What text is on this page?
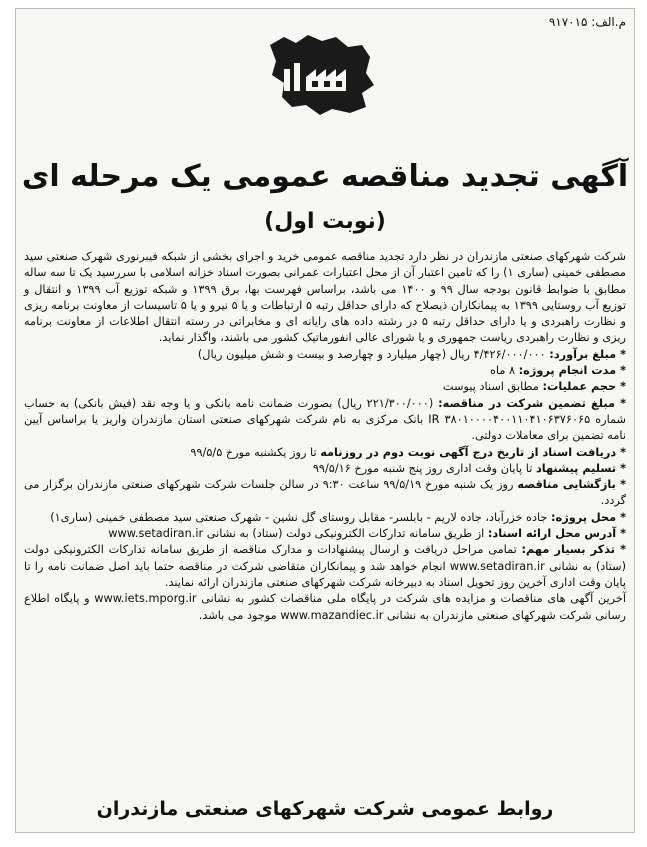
م.الف: ۹۱۷۰۱۵
آگهی تجدید مناقصه عمومی یک مرحله ای
(نوبت اول)

شرکت شهرکهای صنعتی مازندران در نظر دارد تجدید مناقصه عمومی خرید و اجرای بخشی از شبکه فیبرنوری شهرک صنعتی سید مصطفی خمینی (ساری ۱) را که تامین اعتبار آن از محل اعتبارات عمرانی بصورت اسناد خزانه اسلامی با سررسید یک تا سه ساله مطابق با ضوابط قانون بودجه سال ۹۹ و ۱۴۰۰ می باشد، براساس فهرست بها، برق ۱۳۹۹ و شبکه توزیع آب ۱۳۹۹ و انتقال و توزیع آب روستایی ۱۳۹۹ به پیمانکاران ذیصلاح که دارای حداقل رتبه ۵ ارتباطات و یا ۵ نیرو و یا ۵ تاسیسات از معاونت برنامه ریزی و نظارت راهبردی و یا دارای حداقل رتبه ۵ در رشته داده های رایانه ای و مخابراتی در رسته انتقال اطلاعات از معاونت برنامه ریزی و نظارت راهبردی ریاست جمهوری و یا شورای عالی انفورماتیک کشور می باشند، واگذار نماید.

* مبلغ برآورد: ۴/۴۲۶/۰۰۰/۰۰۰ ریال (چهار میلیارد و چهارصد و بیست و شش میلیون ریال)

* مدت انجام پروژه: ۸ ماه

* حجم عملیات: مطابق اسناد پیوست

* مبلغ تضمین شرکت در مناقصه: (۲۲۱/۳۰۰/۰۰۰ ریال) بصورت ضمانت نامه بانکی و یا وجه نقد (فیش بانکی) به حساب شماره IR ۳۸۰۱۰۰۰۰۴۰۰۱۱۰۴۱۰۶۳۷۶۰۶۵ بانک مرکزی به نام شرکت شهرکهای صنعتی استان مازندران واریز یا براساس آیین نامه تضمین برای معاملات دولتی.

* دریافت اسناد از تاریخ درج آگهی نوبت دوم در روزنامه تا روز یکشنبه مورخ ۹۹/۵/۵

* تسلیم پیشنهاد تا پایان وقت اداری روز پنج شنبه مورخ ۹۹/۵/۱۶

* بازگشایی مناقصه روز یک شنبه مورخ ۹۹/۵/۱۹ ساعت ۹:۳۰ در سالن جلسات شرکت شهرکهای صنعتی مازندران برگزار می گردد.

* محل پروژه: جاده خزرآباد، جاده لاریم - بابلسر- مقابل روستای گل نشین - شهرک صنعتی سید مصطفی خمینی (ساری۱)

* آدرس محل ارائه اسناد: از طریق سامانه تدارکات الکترونیکی دولت (ستاد) به نشانی www.setadiran.ir

* تذکر بسیار مهم: تمامی مراحل دریافت و ارسال پیشنهادات و مدارک مناقصه از طریق سامانه تدارکات الکترونیکی دولت (ستاد) به نشانی www.setadiran.ir انجام خواهد شد و پیمانکاران متقاضی شرکت در مناقصه حتما باید اصل ضمانت نامه را تا پایان وقت اداری آخرین روز تحویل اسناد به دبیرخانه شرکت شهرکهای صنعتی مازندران ارائه نمایند.

آخرین آگهی های مناقصات و مزایده های شرکت در پایگاه ملی مناقصات کشور به نشانی www.iets.mporg.ir و پایگاه اطلاع رسانی شرکت شهرکهای صنعتی مازندران به نشانی www.mazandiec.ir موجود می باشد.

روابط عمومی شرکت شهرکهای صنعتی مازندران
